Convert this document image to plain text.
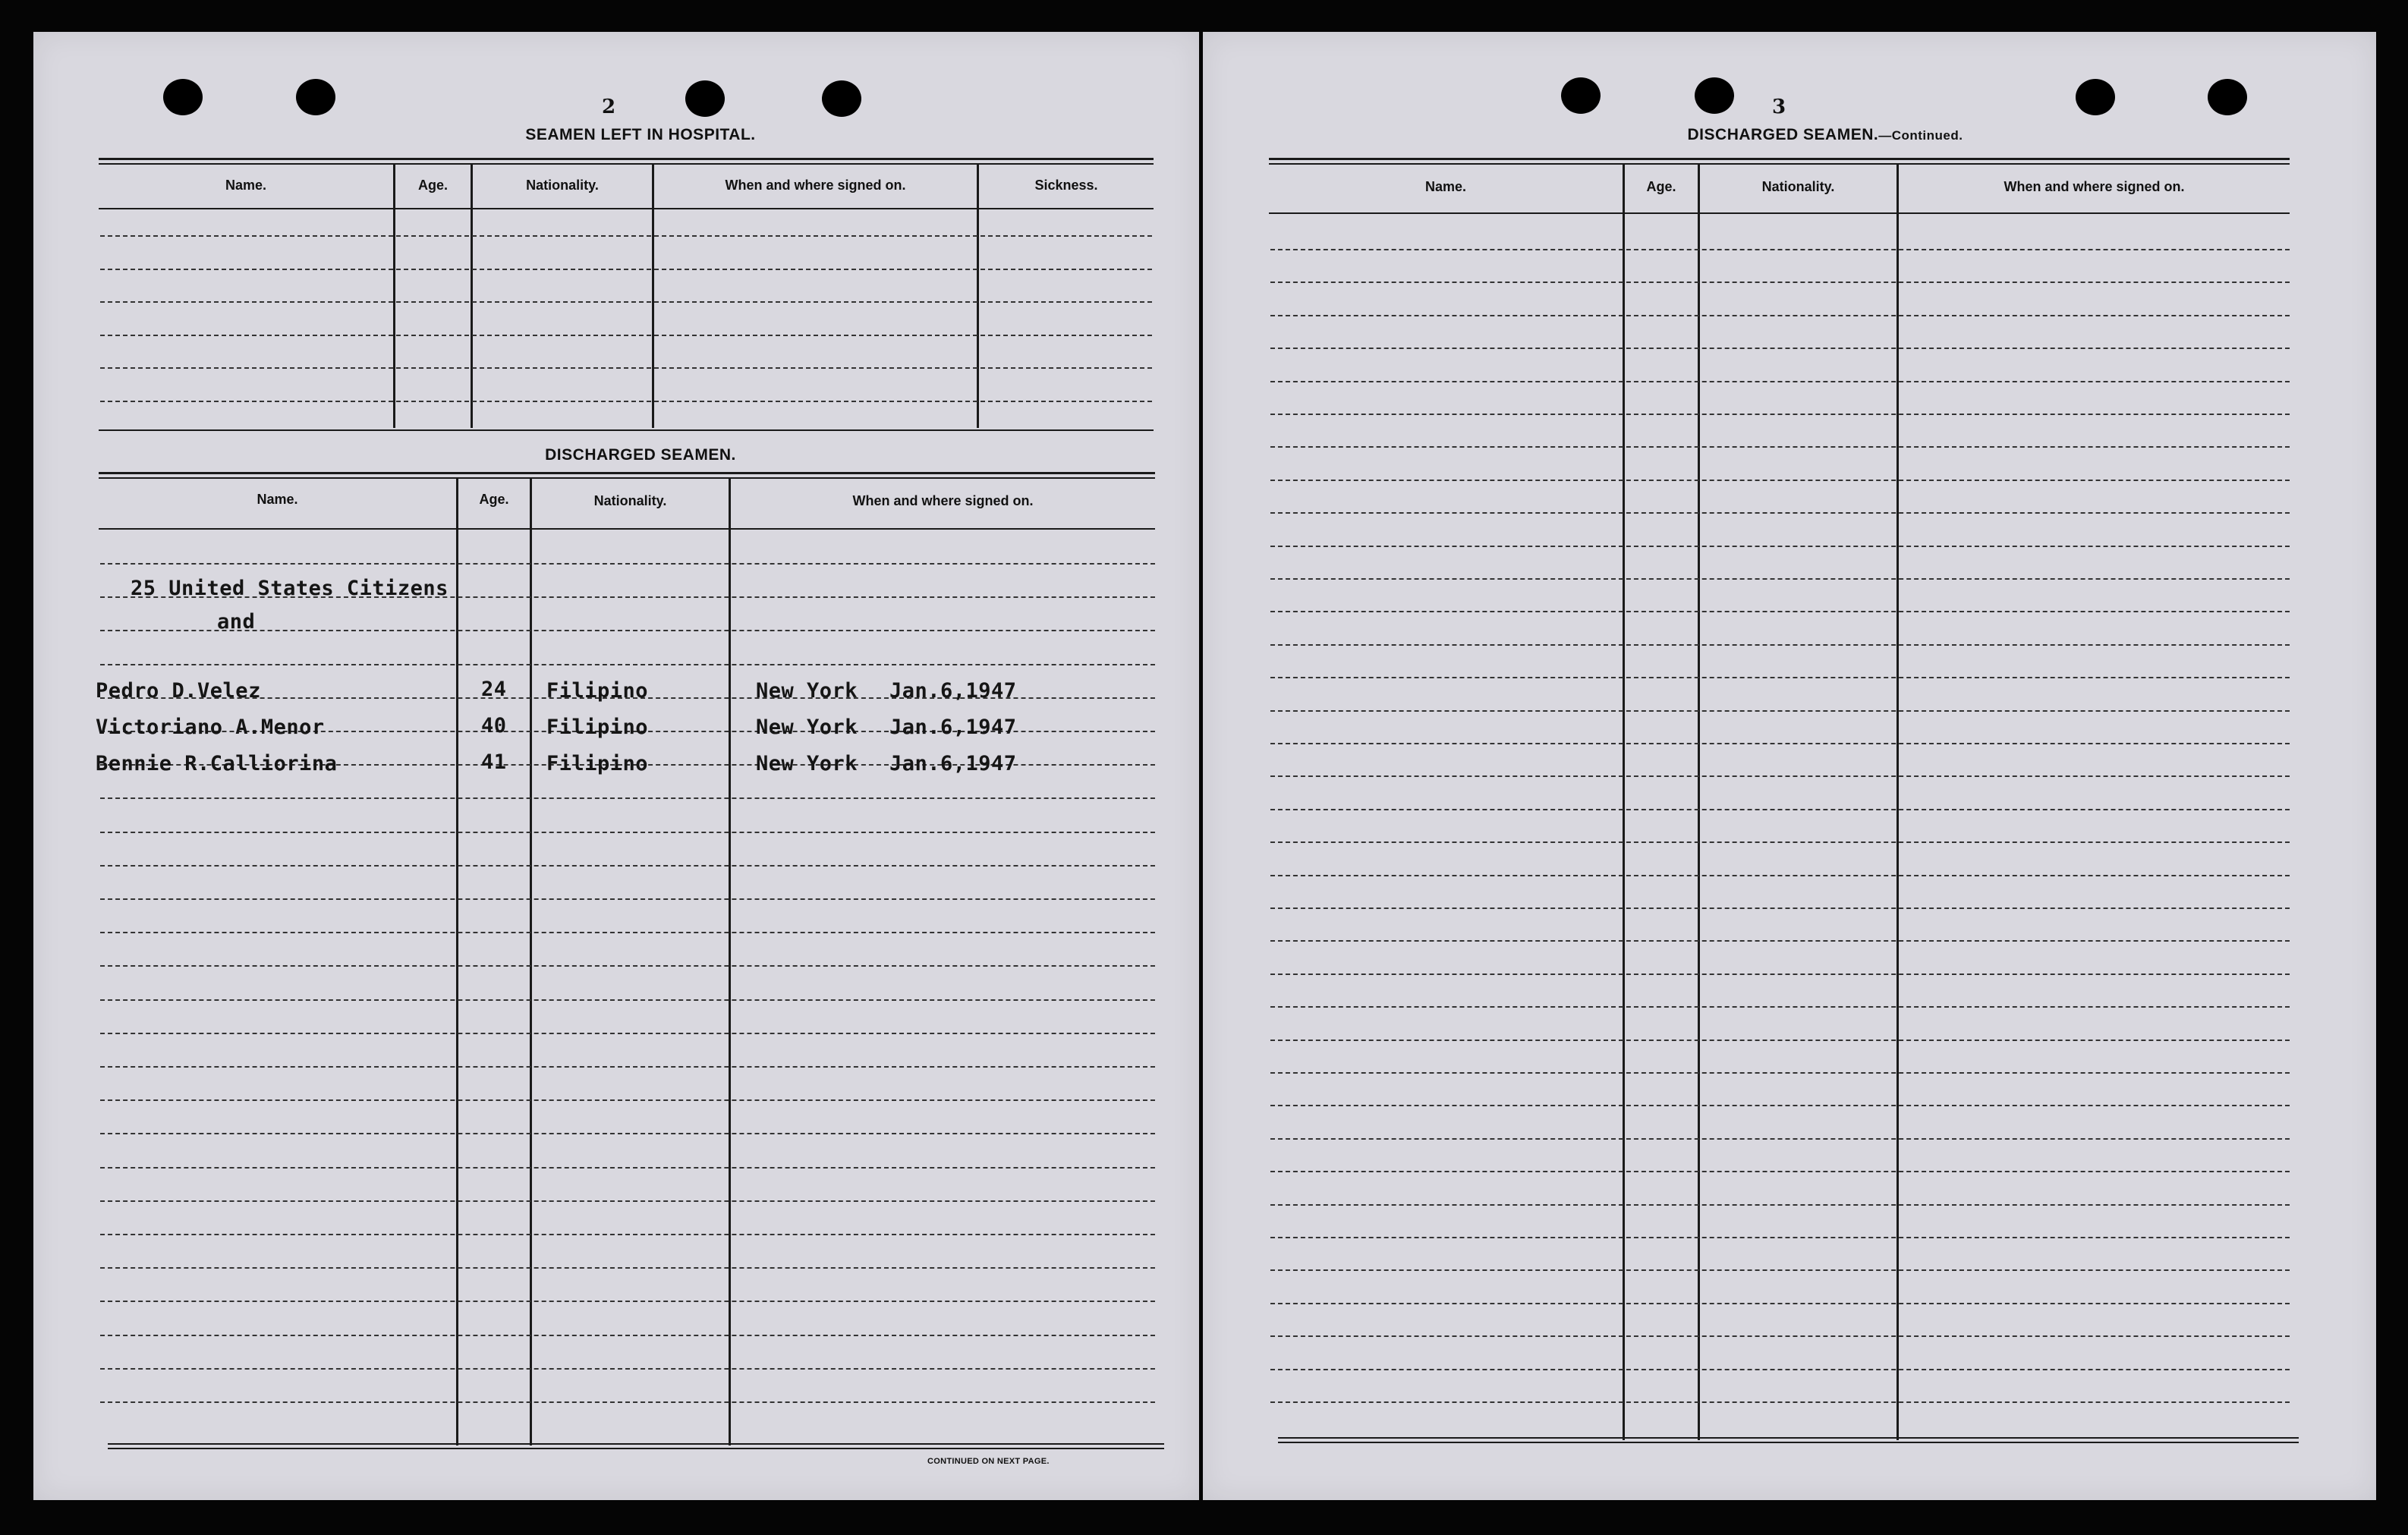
2
SEAMEN LEFT IN HOSPITAL.
Name.	Age.	Nationality.	When and where signed on.	Sickness.
DISCHARGED SEAMEN.
Name.	Age.	Nationality.	When and where signed on.
25 United States Citizens
and
Pedro D.Velez	24 Filipino	New York Jan.6,1947
Victoriano A.Menor	40 Filipino	New York Jan.6,1947
Bennie R.Calliorina	41 Filipino	New York Jan.6,1947
CONTINUED ON NEXT PAGE.
3
DISCHARGED SEAMEN.—Continued.
Name.	Age.	Nationality.	When and where signed on.
